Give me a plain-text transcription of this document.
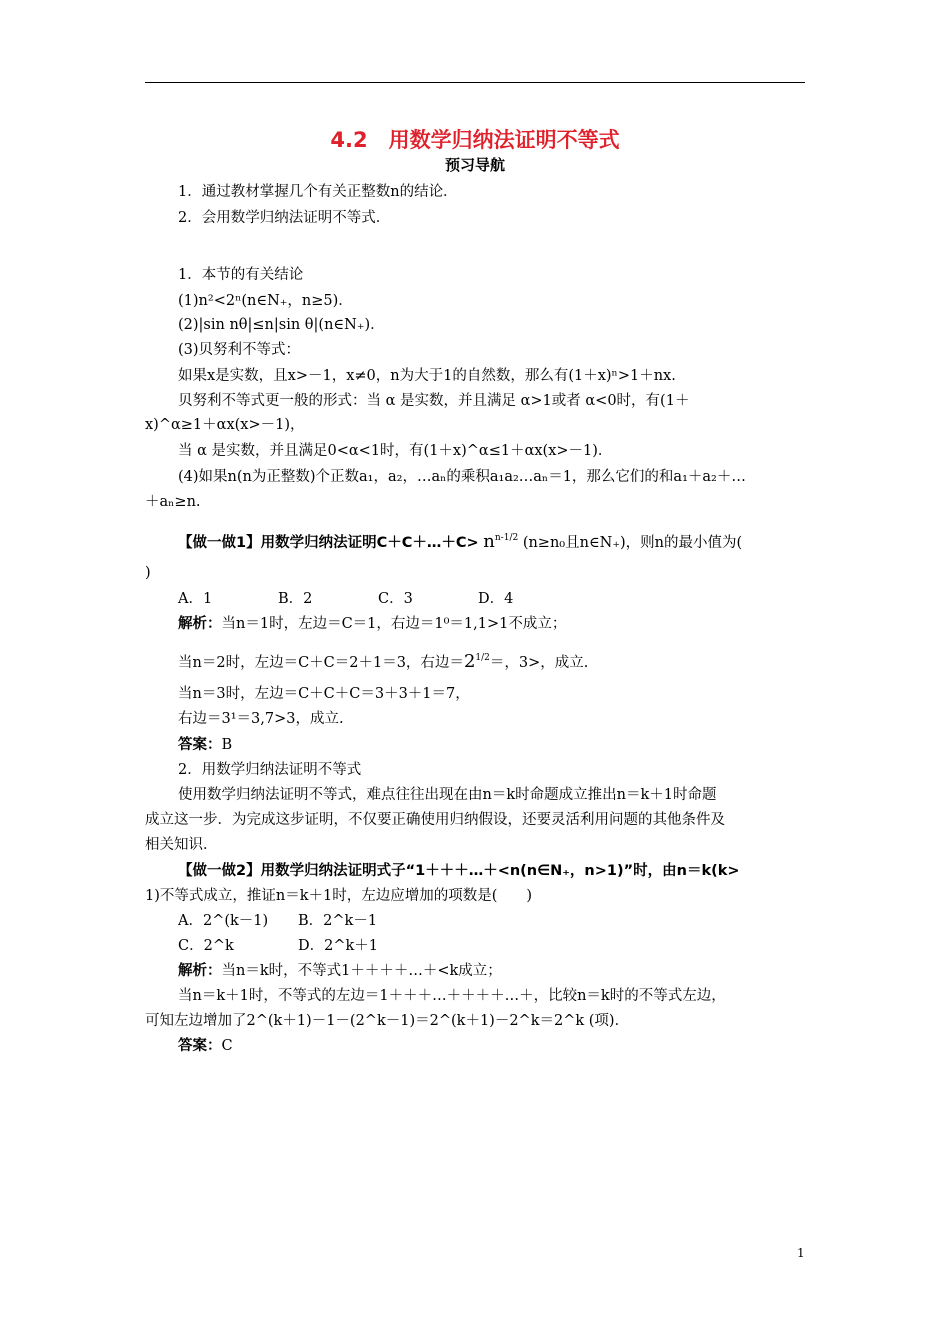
4.2　用数学归纳法证明不等式
预习导航
1．通过教材掌握几个有关正整数n的结论．
2．会用数学归纳法证明不等式．
1．本节的有关结论
(1)n²<2ⁿ(n∈N₊，n≥5)．
(2)|sin nθ|≤n|sin θ|(n∈N₊)．
(3)贝努利不等式：
如果x是实数，且x>－1，x≠0，n为大于1的自然数，那么有(1＋x)ⁿ>1＋nx.
贝努利不等式更一般的形式：当 α 是实数，并且满足 α>1或者 α<0时，有(1＋
x)^α≥1＋αx(x>－1)，
当 α 是实数，并且满足0<α<1时，有(1＋x)^α≤1＋αx(x>－1)．
(4)如果n(n为正整数)个正数a₁，a₂，…aₙ的乘积a₁a₂…aₙ＝1，那么它们的和a₁＋a₂＋…
＋aₙ≥n.
【做一做1】用数学归纳法证明C＋C＋…＋C> $n^{n-1/2}$ (n≥n₀且n∈N₊)，则n的最小值为(
)
A．1	B．2	C．3	D．4
解析：当n＝1时，左边＝C＝1，右边＝1⁰＝1,1>1不成立；
当n＝2时，左边＝C＋C＝2＋1＝3，右边$=2^{1/2}=$，3>，成立.
当n＝3时，左边＝C＋C＋C＝3＋3＋1＝7，
右边＝3¹＝3,7>3，成立.
答案：B
2．用数学归纳法证明不等式
使用数学归纳法证明不等式，难点往往出现在由n＝k时命题成立推出n＝k＋1时命题
成立这一步．为完成这步证明，不仅要正确使用归纳假设，还要灵活利用问题的其他条件及
相关知识．
【做一做2】用数学归纳法证明式子“1＋＋＋…＋<n(n∈N₊，n>1)”时，由n＝k(k>
1)不等式成立，推证n＝k＋1时，左边应增加的项数是(　　)
A．2^(k－1) B．2^k－1
C．2^k	D．2^k＋1
解析：当n＝k时，不等式1＋＋＋＋…＋<k成立；
当n＝k＋1时，不等式的左边＝1＋＋＋…＋＋＋＋…＋，比较n＝k时的不等式左边，
可知左边增加了2^(k＋1)－1－(2^k－1)＝2^(k＋1)－2^k＝2^k (项)．
答案：C
1
